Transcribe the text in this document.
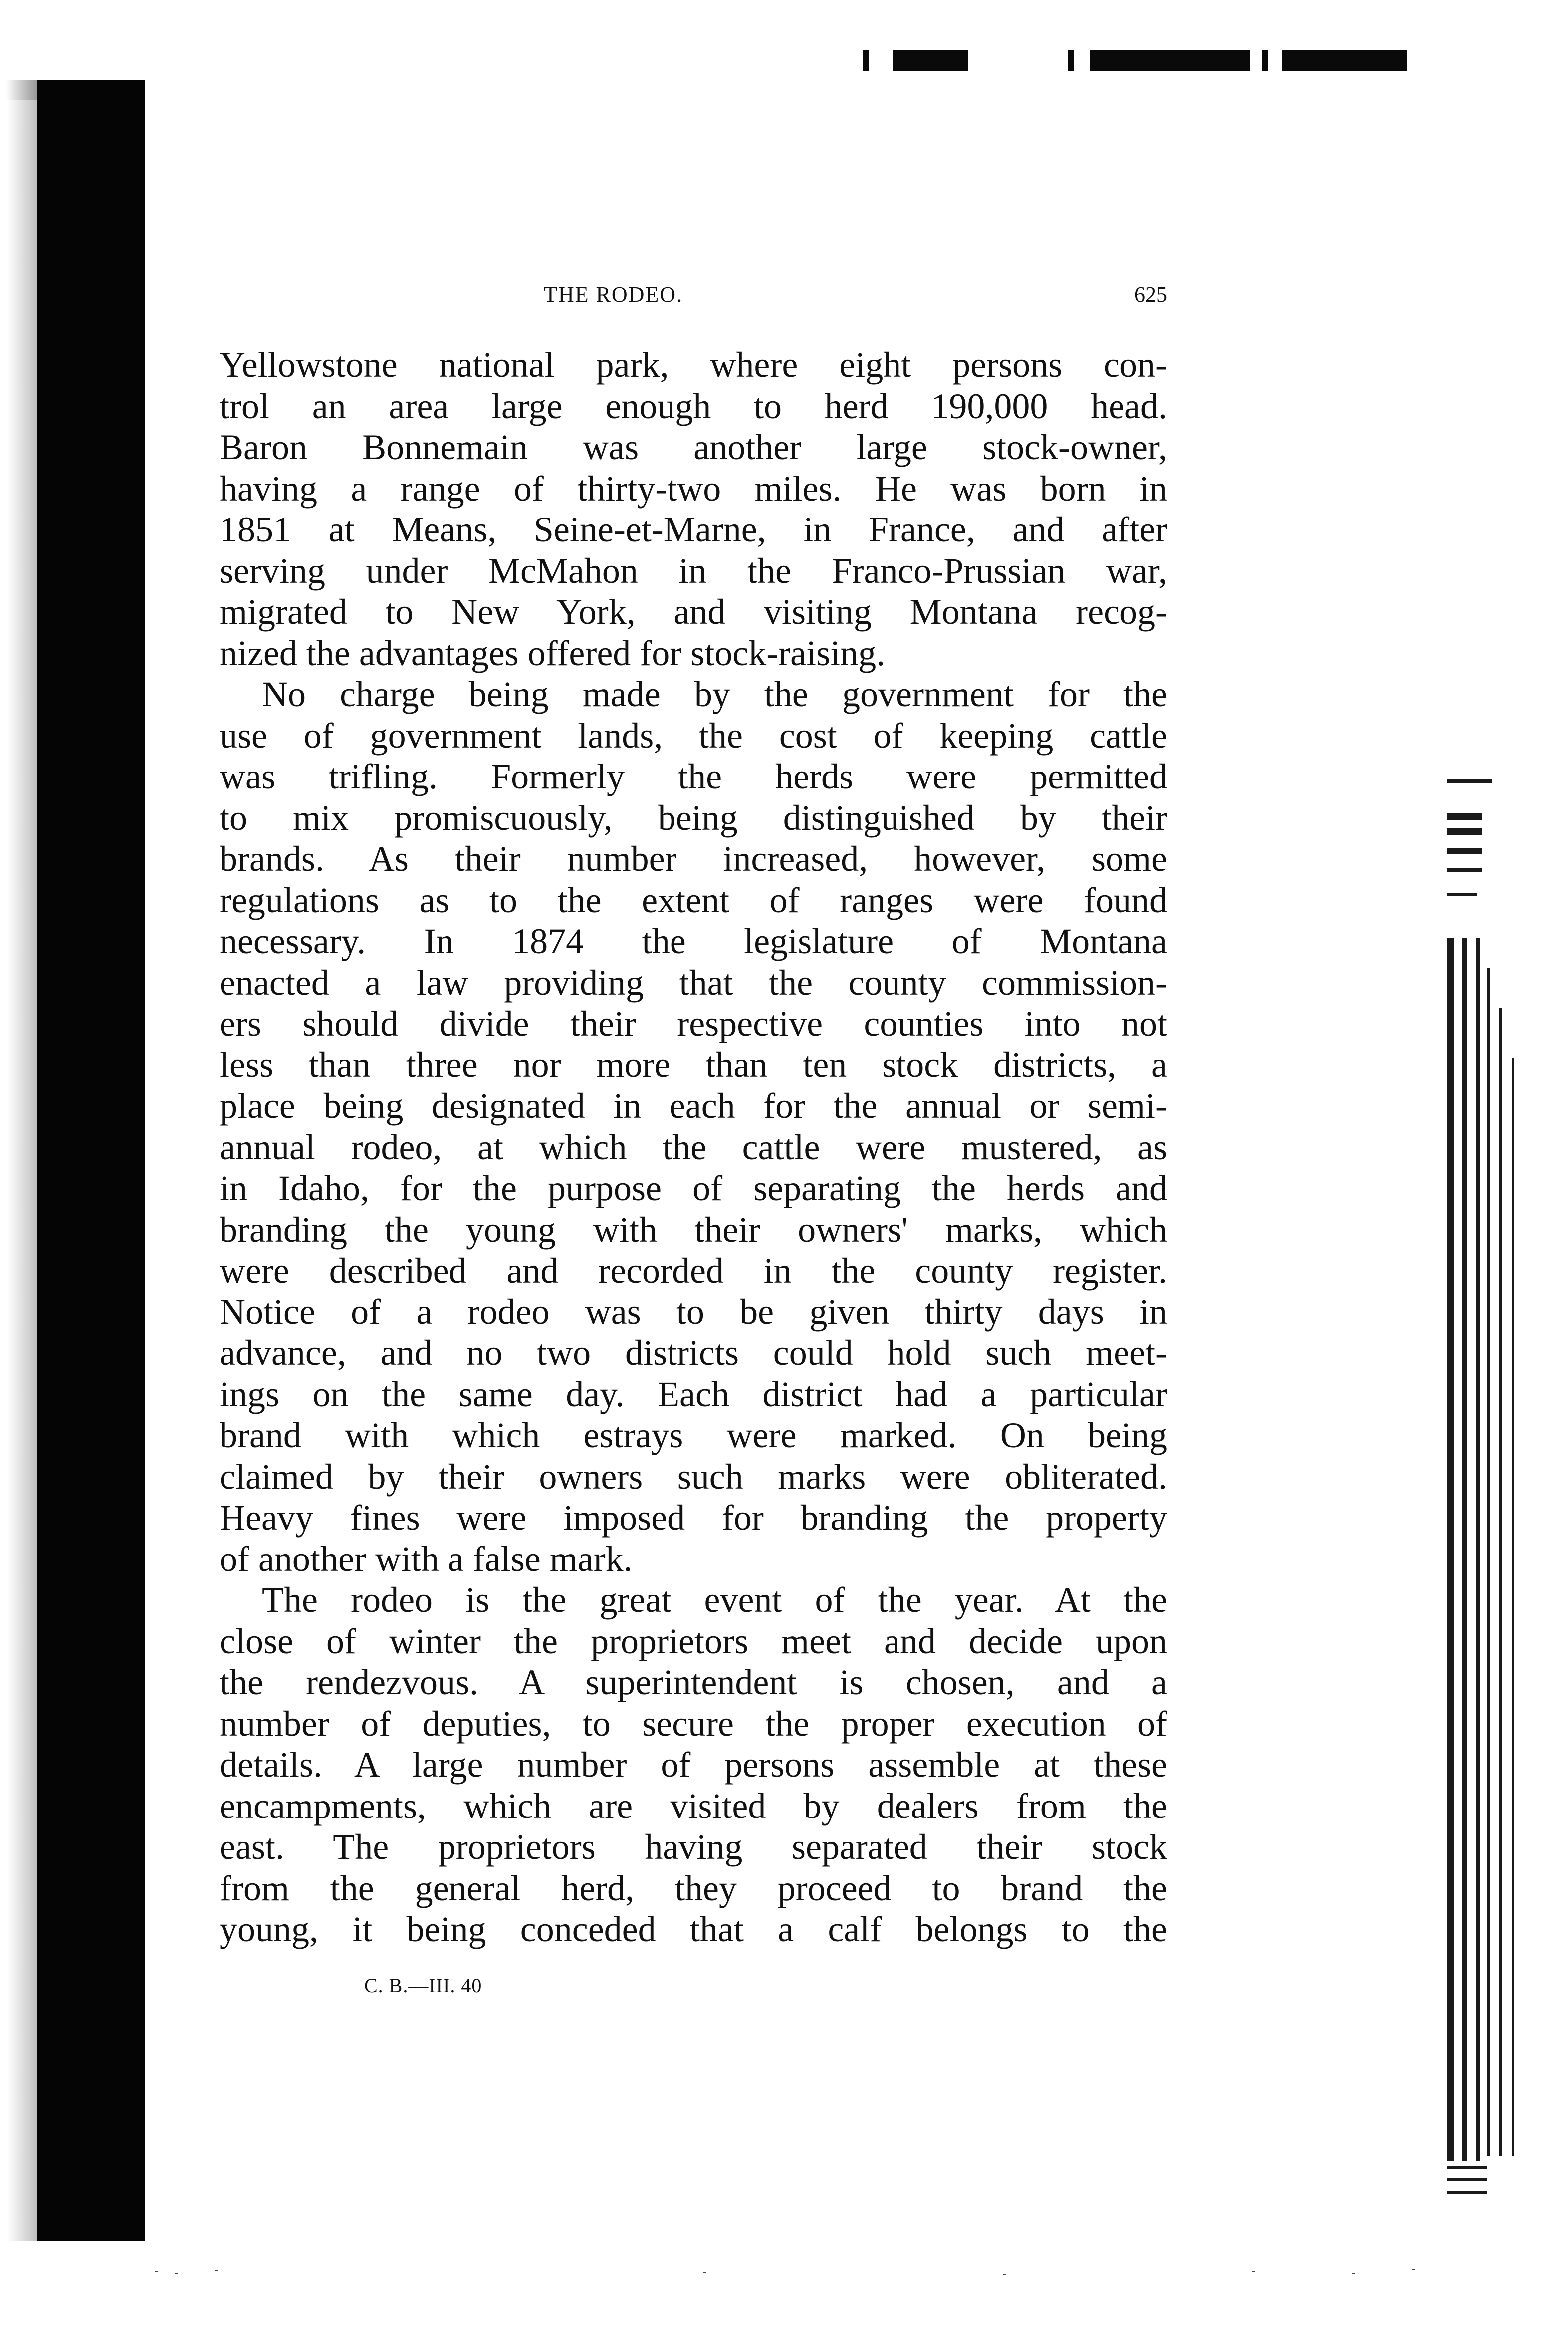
THE RODEO.	625
Yellowstone national park, where eight persons con-
trol an area large enough to herd 190,000 head.
Baron Bonnemain was another large stock-owner,
having a range of thirty-two miles. He was born in
1851 at Means, Seine-et-Marne, in France, and after
serving under McMahon in the Franco-Prussian war,
migrated to New York, and visiting Montana recog-
nized the advantages offered for stock-raising.
No charge being made by the government for the
use of government lands, the cost of keeping cattle
was trifling. Formerly the herds were permitted
to mix promiscuously, being distinguished by their
brands. As their number increased, however, some
regulations as to the extent of ranges were found
necessary. In 1874 the legislature of Montana
enacted a law providing that the county commission-
ers should divide their respective counties into not
less than three nor more than ten stock districts, a
place being designated in each for the annual or semi-
annual rodeo, at which the cattle were mustered, as
in Idaho, for the purpose of separating the herds and
branding the young with their owners' marks, which
were described and recorded in the county register.
Notice of a rodeo was to be given thirty days in
advance, and no two districts could hold such meet-
ings on the same day. Each district had a particular
brand with which estrays were marked. On being
claimed by their owners such marks were obliterated.
Heavy fines were imposed for branding the property
of another with a false mark.
The rodeo is the great event of the year. At the
close of winter the proprietors meet and decide upon
the rendezvous. A superintendent is chosen, and a
number of deputies, to secure the proper execution of
details. A large number of persons assemble at these
encampments, which are visited by dealers from the
east. The proprietors having separated their stock
from the general herd, they proceed to brand the
young, it being conceded that a calf belongs to the
C. B.—III. 40
